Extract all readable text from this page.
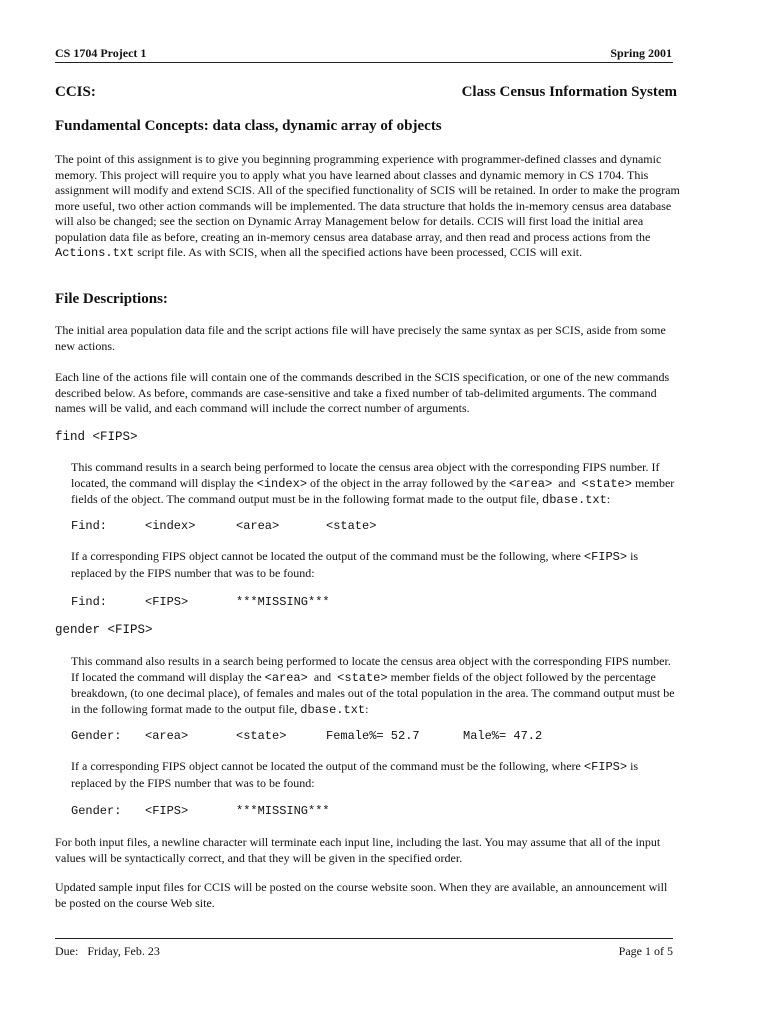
CS 1704 Project 1	Spring 2001
CCIS:	Class Census Information System
Fundamental Concepts: data class, dynamic array of objects

The point of this assignment is to give you beginning programming experience with programmer-defined classes and dynamic memory. This project will require you to apply what you have learned about classes and dynamic memory in CS 1704. This assignment will modify and extend SCIS. All of the specified functionality of SCIS will be retained. In order to make the program more useful, two other action commands will be implemented. The data structure that holds the in-memory census area database will also be changed; see the section on Dynamic Array Management below for details. CCIS will first load the initial area population data file as before, creating an in-memory census area database array, and then read and process actions from the Actions.txt script file. As with SCIS, when all the specified actions have been processed, CCIS will exit.

File Descriptions:

The initial area population data file and the script actions file will have precisely the same syntax as per SCIS, aside from some new actions.

Each line of the actions file will contain one of the commands described in the SCIS specification, or one of the new commands described below. As before, commands are case-sensitive and take a fixed number of tab-delimited arguments. The command names will be valid, and each command will include the correct number of arguments.

find <FIPS>

This command results in a search being performed to locate the census area object with the corresponding FIPS number. If located, the command will display the <index> of the object in the array followed by the <area>  and  <state> member fields of the object. The command output must be in the following format made to the output file, dbase.txt:

Find:	<index>	<area>	<state>

If a corresponding FIPS object cannot be located the output of the command must be the following, where <FIPS> is replaced by the FIPS number that was to be found:

Find:	<FIPS>	***MISSING***
gender <FIPS>

This command also results in a search being performed to locate the census area object with the corresponding FIPS number. If located the command will display the <area>  and  <state> member fields of the object followed by the percentage breakdown, (to one decimal place), of females and males out of the total population in the area. The command output must be in the following format made to the output file, dbase.txt:

Gender:	<area>	<state>	Female%= 52.7	Male%= 47.2

If a corresponding FIPS object cannot be located the output of the command must be the following, where <FIPS> is replaced by the FIPS number that was to be found:

Gender:	<FIPS>	***MISSING***

For both input files, a newline character will terminate each input line, including the last. You may assume that all of the input values will be syntactically correct, and that they will be given in the specified order.

Updated sample input files for CCIS will be posted on the course website soon. When they are available, an announcement will be posted on the course Web site.

Due:   Friday, Feb. 23	Page 1 of 5
